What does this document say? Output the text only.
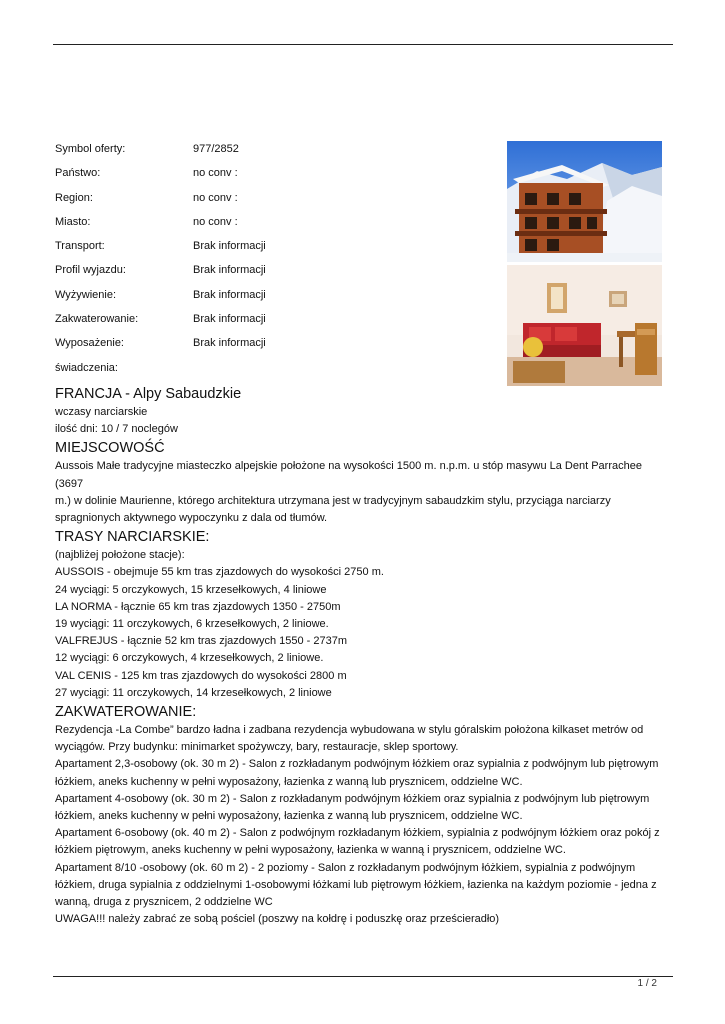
Symbol oferty:	977/2852
Państwo:	no conv :
Region:	no conv :
Miasto:	no conv :
Transport:	Brak informacji
Profil wyjazdu:	Brak informacji
Wyżywienie:	Brak informacji
Zakwaterowanie:	Brak informacji
Wyposażenie:	Brak informacji
świadczenia:
FRANCJA - Alpy Sabaudzkie
wczasy narciarskie
ilość dni: 10 / 7 noclegów
MIEJSCOWOŚĆ

Aussois Małe tradycyjne miasteczko alpejskie położone na wysokości 1500 m. n.p.m. u stóp masywu La Dent Parrachee (3697
m.) w dolinie Maurienne, którego architektura utrzymana jest w tradycyjnym sabaudzkim stylu, przyciąga narciarzy
spragnionych aktywnego wypoczynku z dala od tłumów.

TRASY NARCIARSKIE:

(najbliżej położone stacje):
AUSSOIS - obejmuje 55 km tras zjazdowych do wysokości 2750 m.
24 wyciągi: 5 orczykowych, 15 krzesełkowych, 4 liniowe
LA NORMA - łącznie 65 km tras zjazdowych 1350 - 2750m
19 wyciągi: 11 orczykowych, 6 krzesełkowych, 2 liniowe.
VALFREJUS - łącznie 52 km tras zjazdowych 1550 - 2737m
12 wyciągi: 6 orczykowych, 4 krzesełkowych, 2 liniowe.
VAL CENIS - 125 km tras zjazdowych do wysokości 2800 m
27 wyciągi: 11 orczykowych, 14 krzesełkowych, 2 liniowe

ZAKWATEROWANIE:

Rezydencja -La Combe” bardzo ładna i zadbana rezydencja wybudowana w stylu góralskim położona kilkaset metrów od
wyciągów. Przy budynku: minimarket spożywczy, bary, restauracje, sklep sportowy.
Apartament 2,3-osobowy (ok. 30 m 2) - Salon z rozkładanym podwójnym łóżkiem oraz sypialnia z podwójnym lub piętrowym
łóżkiem, aneks kuchenny w pełni wyposażony, łazienka z wanną lub prysznicem, oddzielne WC.
Apartament 4-osobowy (ok. 30 m 2) - Salon z rozkładanym podwójnym łóżkiem oraz sypialnia z podwójnym lub piętrowym
łóżkiem, aneks kuchenny w pełni wyposażony, łazienka z wanną lub prysznicem, oddzielne WC.
Apartament 6-osobowy (ok. 40 m 2) - Salon z podwójnym rozkładanym łóżkiem, sypialnia z podwójnym łóżkiem oraz pokój z
łóżkiem piętrowym, aneks kuchenny w pełni wyposażony, łazienka w wanną i prysznicem, oddzielne WC.
Apartament 8/10 -osobowy (ok. 60 m 2) - 2 poziomy - Salon z rozkładanym podwójnym łóżkiem, sypialnia z podwójnym
łóżkiem, druga sypialnia z oddzielnymi 1-osobowymi łóżkami lub piętrowym łóżkiem, łazienka na każdym poziomie - jedna z
wanną, druga z prysznicem, 2 oddzielne WC
UWAGA!!! należy zabrać ze sobą pościel (poszwy na kołdrę i poduszkę oraz prześcieradło)

1 / 2
